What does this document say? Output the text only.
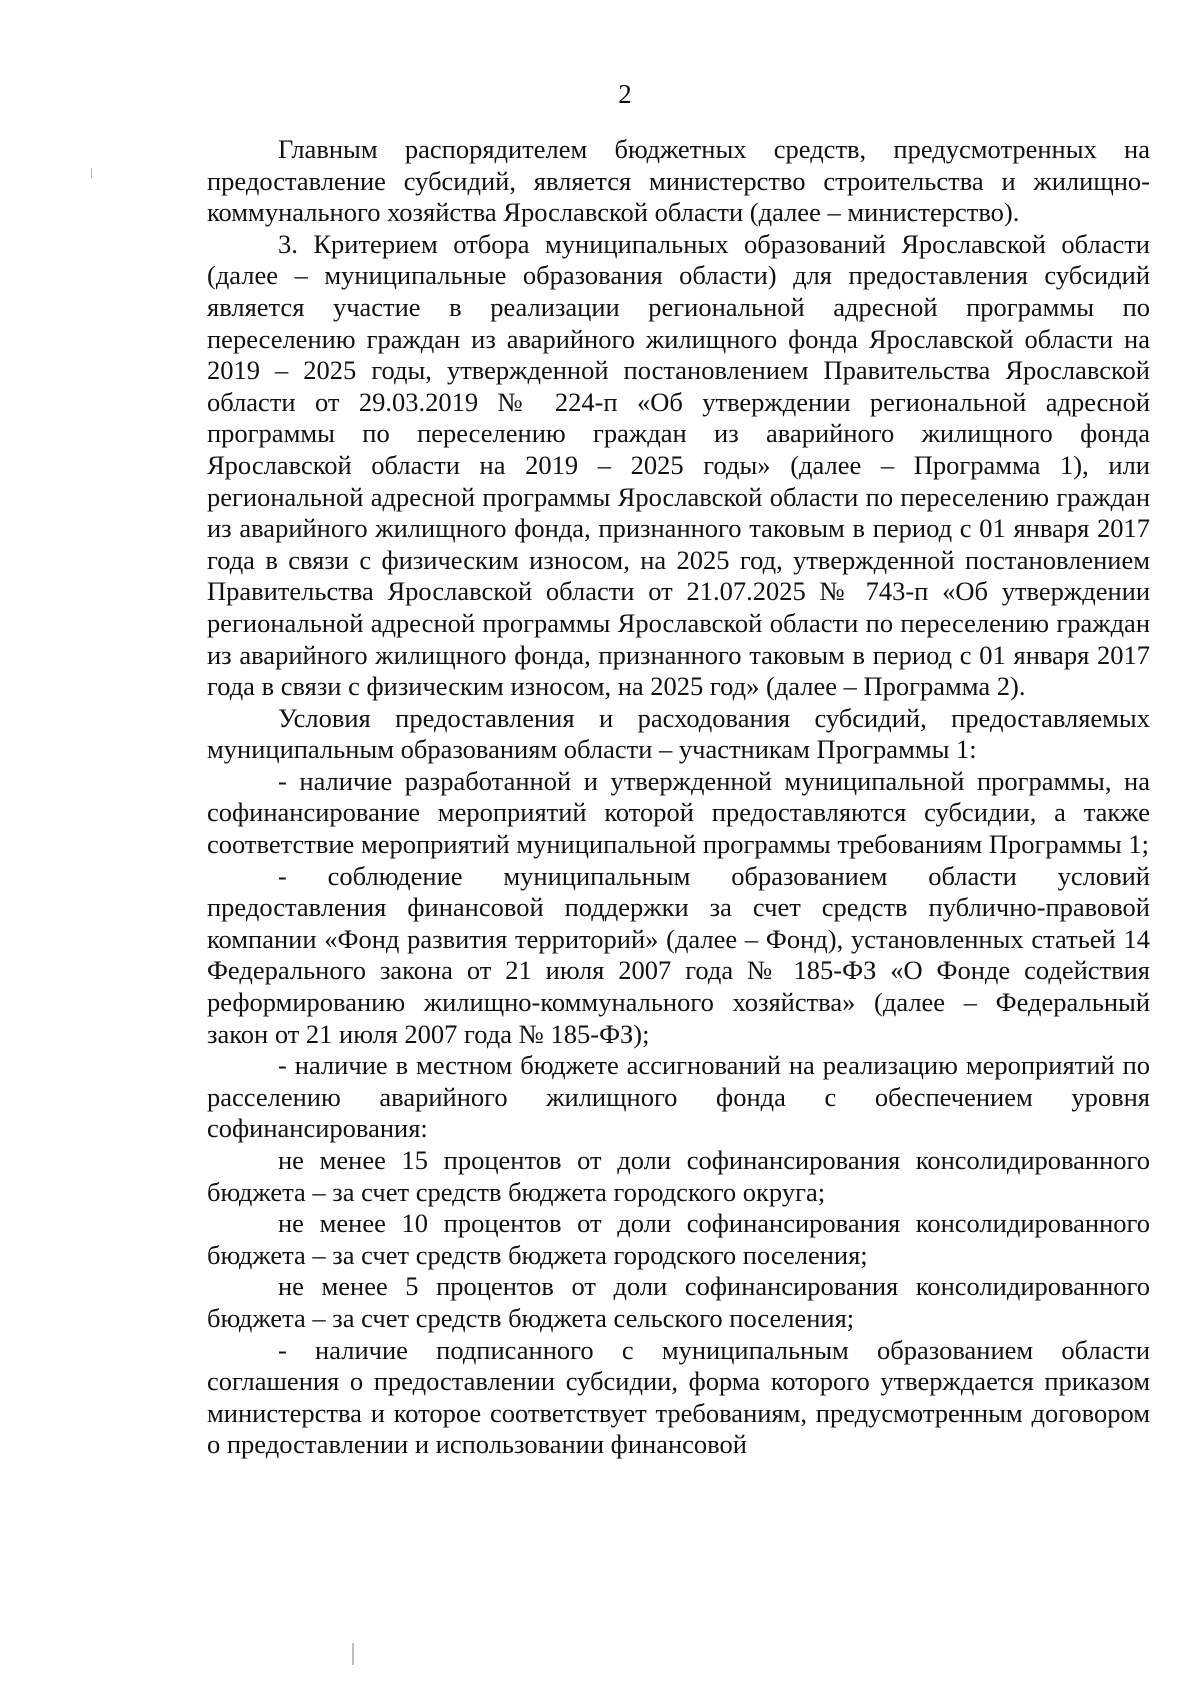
2

Главным распорядителем бюджетных средств, предусмотренных на предоставление субсидий, является министерство строительства и жилищно-коммунального хозяйства Ярославской области (далее – министерство).

3. Критерием отбора муниципальных образований Ярославской области (далее – муниципальные образования области) для предоставления субсидий является участие в реализации региональной адресной программы по переселению граждан из аварийного жилищного фонда Ярославской области на 2019 – 2025 годы, утвержденной постановлением Правительства Ярославской области от 29.03.2019 № 224-п «Об утверждении региональной адресной программы по переселению граждан из аварийного жилищного фонда Ярославской области на 2019 – 2025 годы» (далее – Программа 1), или региональной адресной программы Ярославской области по переселению граждан из аварийного жилищного фонда, признанного таковым в период с 01 января 2017 года в связи с физическим износом, на 2025 год, утвержденной постановлением Правительства Ярославской области от 21.07.2025 № 743-п «Об утверждении региональной адресной программы Ярославской области по переселению граждан из аварийного жилищного фонда, признанного таковым в период с 01 января 2017 года в связи с физическим износом, на 2025 год» (далее – Программа 2).

Условия предоставления и расходования субсидий, предоставляемых муниципальным образованиям области – участникам Программы 1:

- наличие разработанной и утвержденной муниципальной программы, на софинансирование мероприятий которой предоставляются субсидии, а также соответствие мероприятий муниципальной программы требованиям Программы 1;

- соблюдение муниципальным образованием области условий предоставления финансовой поддержки за счет средств публично-правовой компании «Фонд развития территорий» (далее – Фонд), установленных статьей 14 Федерального закона от 21 июля 2007 года № 185-ФЗ «О Фонде содействия реформированию жилищно-коммунального хозяйства» (далее – Федеральный закон от 21 июля 2007 года № 185-ФЗ);

- наличие в местном бюджете ассигнований на реализацию мероприятий по расселению аварийного жилищного фонда с обеспечением уровня софинансирования:

не менее 15 процентов от доли софинансирования консолидированного бюджета – за счет средств бюджета городского округа;

не менее 10 процентов от доли софинансирования консолидированного бюджета – за счет средств бюджета городского поселения;

не менее 5 процентов от доли софинансирования консолидированного бюджета – за счет средств бюджета сельского поселения;

- наличие подписанного с муниципальным образованием области соглашения о предоставлении субсидии, форма которого утверждается приказом министерства и которое соответствует требованиям, предусмотренным договором о предоставлении и использовании финансовой
